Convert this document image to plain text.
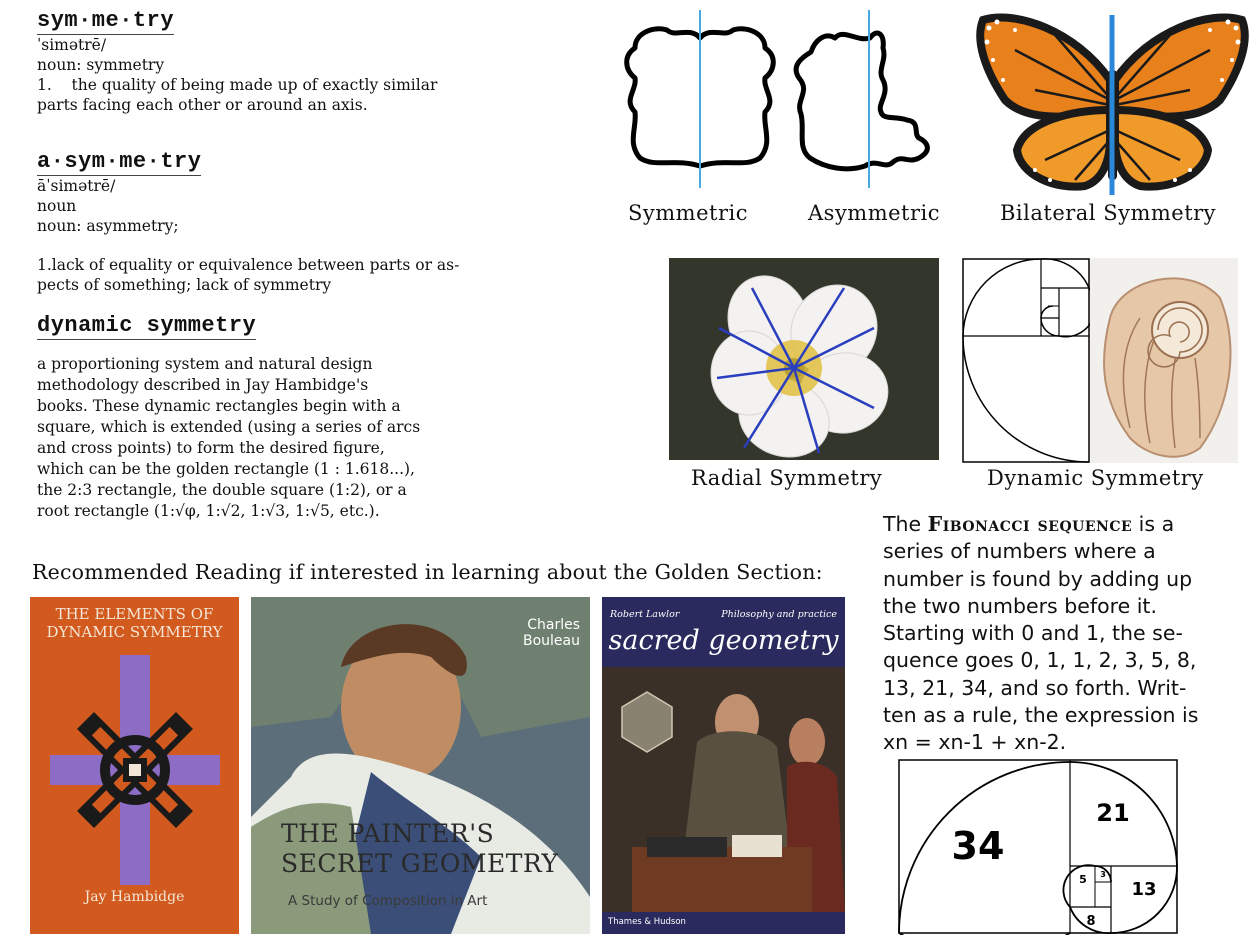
sym·me·try
ˈsimətrē/
noun: symmetry
1. the quality of being made up of exactly similar
parts facing each other or around an axis.
a·sym·me·try
āˈsimətrē/
noun
noun: asymmetry;
1.lack of equality or equivalence between parts or as-
pects of something; lack of symmetry
dynamic symmetry
a proportioning system and natural design
methodology described in Jay Hambidge's
books. These dynamic rectangles begin with a
square, which is extended (using a series of arcs
and cross points) to form the desired figure,
which can be the golden rectangle (1 : 1.618...),
the 2:3 rectangle, the double square (1:2), or a
root rectangle (1:√φ, 1:√2, 1:√3, 1:√5, etc.).
Symmetric	Asymmetric	Bilateral Symmetry
Radial Symmetry	Dynamic Symmetry
The Fibonacci sequence is a
series of numbers where a
number is found by adding up
the two numbers before it.
Starting with 0 and 1, the se-
quence goes 0, 1, 1, 2, 3, 5, 8,
13, 21, 34, and so forth. Writ-
ten as a rule, the expression is
xn = xn-1 + xn-2.
34
21
13
8
5 3
Recommended Reading if interested in learning about the Golden Section:
THE ELEMENTS OF
DYNAMIC SYMMETRY
Jay Hambidge
Charles
Bouleau
THE PAINTER'S
SECRET GEOMETRY
A Study of Composition in Art
Robert Lawlor	Philosophy and practice
sacred geometry
Thames & Hudson
